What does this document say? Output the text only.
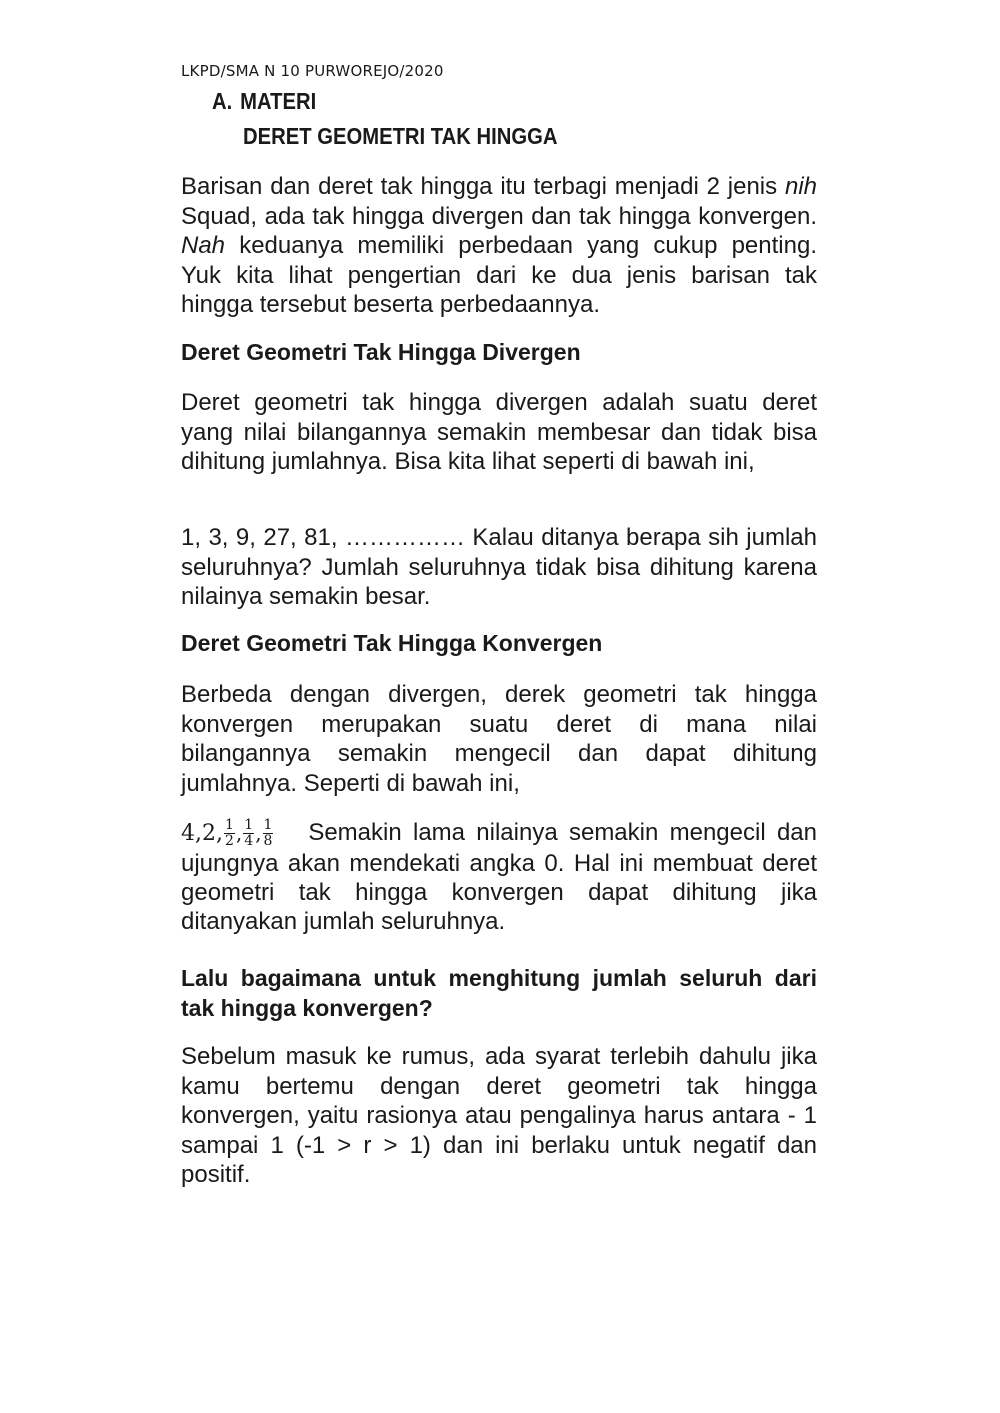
LKPD/SMA N 10 PURWOREJO/2020
A. MATERI
DERET GEOMETRI TAK HINGGA
Barisan dan deret tak hingga itu terbagi menjadi 2 jenis nih Squad, ada tak hingga divergen dan tak hingga konvergen. Nah keduanya memiliki perbedaan yang cukup penting. Yuk kita lihat pengertian dari ke dua jenis barisan tak hingga tersebut beserta perbedaannya.
Deret Geometri Tak Hingga Divergen
Deret geometri tak hingga divergen adalah suatu deret yang nilai bilangannya semakin membesar dan tidak bisa dihitung jumlahnya. Bisa kita lihat seperti di bawah ini,
1, 3, 9, 27, 81, …………… Kalau ditanya berapa sih jumlah seluruhnya? Jumlah seluruhnya tidak bisa dihitung karena nilainya semakin besar.
Deret Geometri Tak Hingga Konvergen
Berbeda dengan divergen, derek geometri tak hingga konvergen merupakan suatu deret di mana nilai bilangannya semakin mengecil dan dapat dihitung jumlahnya. Seperti di bawah ini,
4,2, $\frac{1}{2}$ , $\frac{1}{4}$ , $\frac{1}{8}$ Semakin lama nilainya semakin mengecil dan ujungnya akan mendekati angka 0. Hal ini membuat deret geometri tak hingga konvergen dapat dihitung jika ditanyakan jumlah seluruhnya.
Lalu bagaimana untuk menghitung jumlah seluruh dari tak hingga konvergen?
Sebelum masuk ke rumus, ada syarat terlebih dahulu jika kamu bertemu dengan deret geometri tak hingga konvergen, yaitu rasionya atau pengalinya harus antara - 1 sampai 1 (-1 > r > 1) dan ini berlaku untuk negatif dan positif.
